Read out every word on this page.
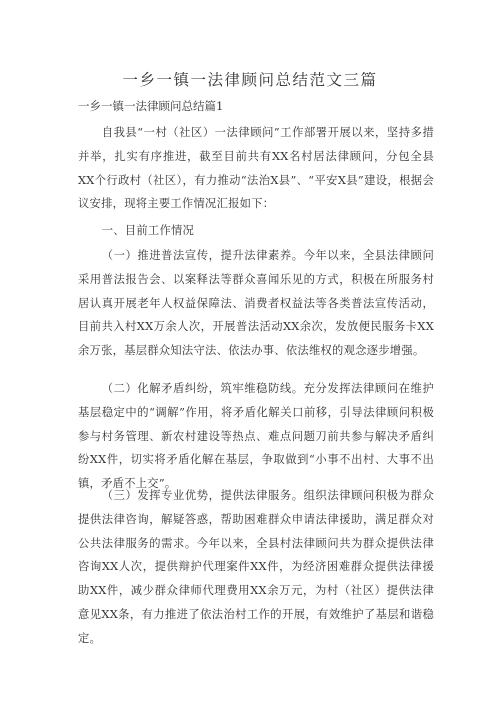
一乡一镇一法律顾问总结范文三篇
一乡一镇一法律顾问总结篇1

自我县“一村（社区）一法律顾问”工作部署开展以来，坚持多措并举，扎实有序推进，截至目前共有XX名村居法律顾问，分包全县XX个行政村（社区），有力推动“法治X县”、“平安X县”建设，根据会议安排，现将主要工作情况汇报如下：

一、目前工作情况

（一）推进普法宣传，提升法律素养。今年以来，全县法律顾问采用普法报告会、以案释法等群众喜闻乐见的方式，积极在所服务村居认真开展老年人权益保障法、消费者权益法等各类普法宣传活动，目前共入村XX万余人次，开展普法活动XX余次，发放便民服务卡XX余万张，基层群众知法守法、依法办事、依法维权的观念逐步增强。

（二）化解矛盾纠纷，筑牢维稳防线。充分发挥法律顾问在维护基层稳定中的“调解”作用，将矛盾化解关口前移，引导法律顾问积极参与村务管理、新农村建设等热点、难点问题刀前共参与解决矛盾纠纷XX件，切实将矛盾化解在基层，争取做到“小事不出村、大事不出镇，矛盾不上交”。

（三）发挥专业优势，提供法律服务。组织法律顾问积极为群众提供法律咨询，解疑答惑，帮助困难群众申请法律援助，满足群众对公共法律服务的需求。今年以来，全县村法律顾问共为群众提供法律咨询XX人次，提供辩护代理案件XX件，为经济困难群众提供法律援助XX件，减少群众律师代理费用XX余万元，为村（社区）提供法律意见XX条，有力推进了依法治村工作的开展，有效维护了基层和谐稳定。
